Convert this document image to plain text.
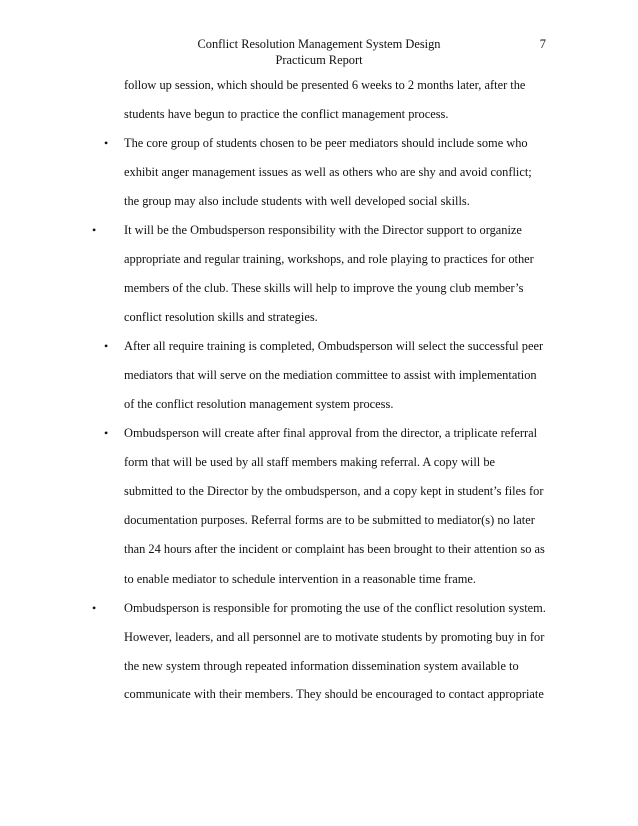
Conflict Resolution Management System Design
Practicum Report
7
follow up session, which should be presented 6 weeks to 2 months later, after the
students have begun to practice the conflict management process.
The core group of students chosen to be peer mediators should include some who
•
exhibit anger management issues as well as others who are shy and avoid conflict;
the group may also include students with well developed social skills.
It will be the Ombudsperson responsibility with the Director support to organize
•
appropriate and regular training, workshops, and role playing to practices for other
members of the club. These skills will help to improve the young club member’s
conflict resolution skills and strategies.
After all require training is completed, Ombudsperson will select the successful peer
•
mediators that will serve on the mediation committee to assist with implementation
of the conflict resolution management system process.
Ombudsperson will create after final approval from the director, a triplicate referral
•
form that will be used by all staff members making referral. A copy will be
submitted to the Director by the ombudsperson, and a copy kept in student’s files for
documentation purposes. Referral forms are to be submitted to mediator(s) no later
than 24 hours after the incident or complaint has been brought to their attention so as
to enable mediator to schedule intervention in a reasonable time frame.
Ombudsperson is responsible for promoting the use of the conflict resolution system.
•
However, leaders, and all personnel are to motivate students by promoting buy in for
the new system through repeated information dissemination system available to
communicate with their members. They should be encouraged to contact appropriate
